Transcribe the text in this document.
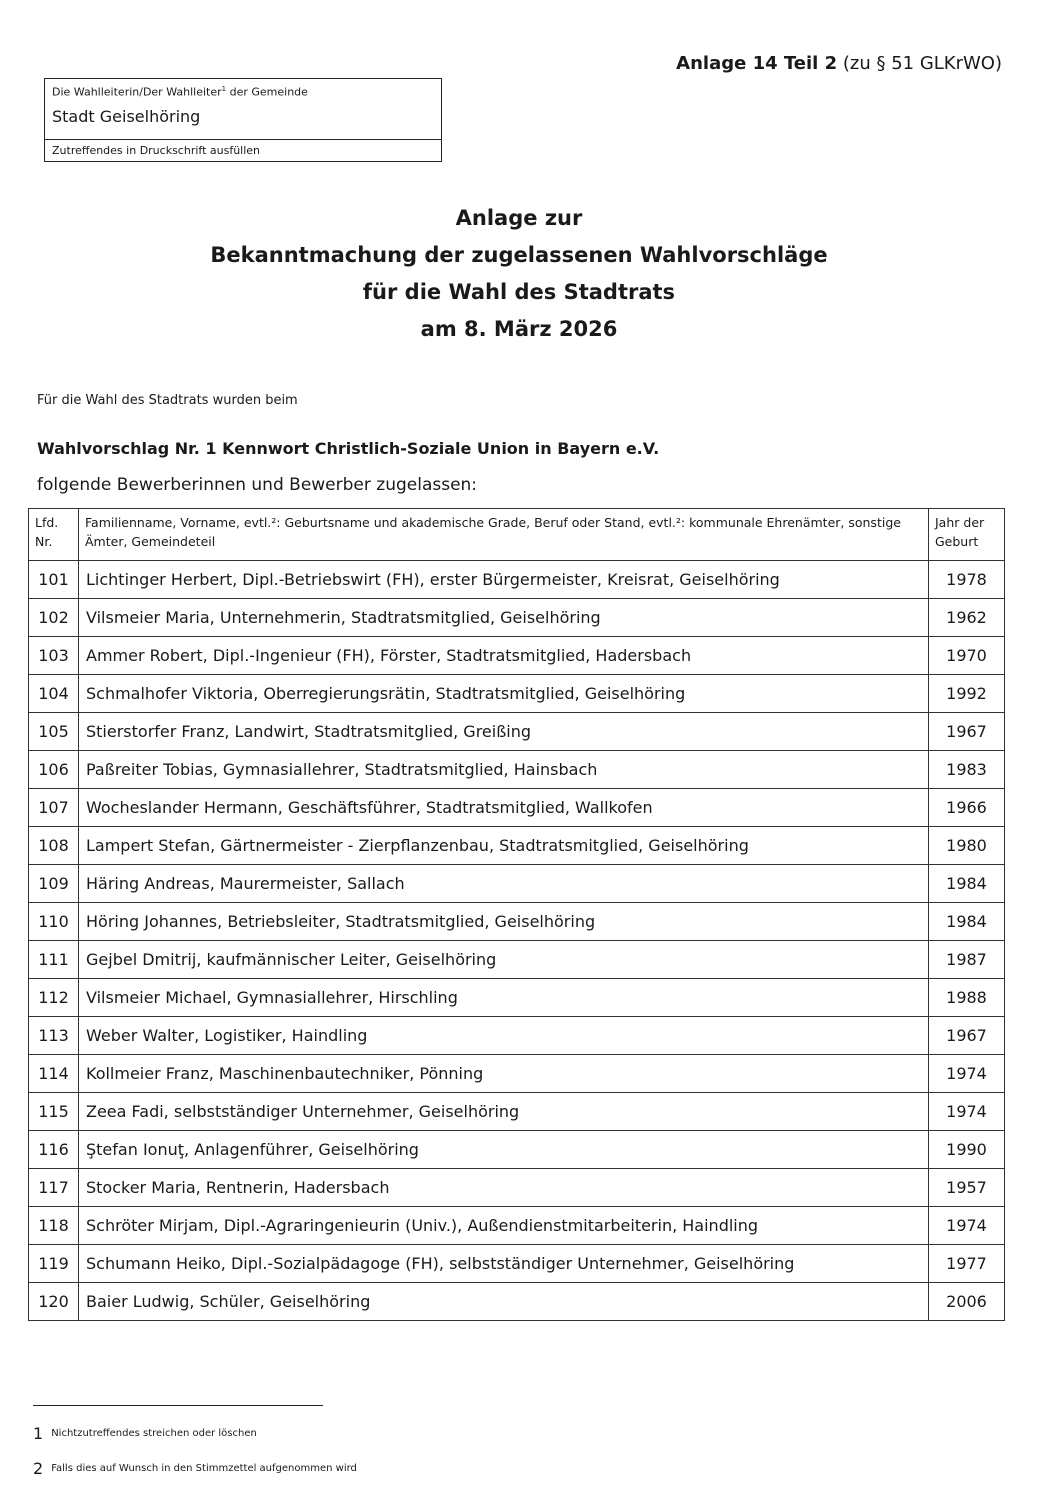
Anlage 14 Teil 2 (zu § 51 GLKrWO)
Die Wahlleiterin/Der Wahlleiter$^1$ der Gemeinde
Stadt Geiselhöring
Zutreffendes in Druckschrift ausfüllen
Anlage zur
Bekanntmachung der zugelassenen Wahlvorschläge
für die Wahl des Stadtrats
am 8. März 2026
Für die Wahl des Stadtrats wurden beim
Wahlvorschlag Nr. 1 Kennwort Christlich-Soziale Union in Bayern e.V.
folgende Bewerberinnen und Bewerber zugelassen:
Lfd. Nr.	Familienname, Vorname, evtl.²: Geburtsname und akademische Grade, Beruf oder Stand, evtl.²: kommunale Ehrenämter, sonstige Ämter, Gemeindeteil	Jahr der Geburt
101	Lichtinger Herbert, Dipl.-Betriebswirt (FH), erster Bürgermeister, Kreisrat, Geiselhöring	1978
102	Vilsmeier Maria, Unternehmerin, Stadtratsmitglied, Geiselhöring	1962
103	Ammer Robert, Dipl.-Ingenieur (FH), Förster, Stadtratsmitglied, Hadersbach	1970
104	Schmalhofer Viktoria, Oberregierungsrätin, Stadtratsmitglied, Geiselhöring	1992
105	Stierstorfer Franz, Landwirt, Stadtratsmitglied, Greißing	1967
106	Paßreiter Tobias, Gymnasiallehrer, Stadtratsmitglied, Hainsbach	1983
107	Wocheslander Hermann, Geschäftsführer, Stadtratsmitglied, Wallkofen	1966
108	Lampert Stefan, Gärtnermeister - Zierpflanzenbau, Stadtratsmitglied, Geiselhöring	1980
109	Häring Andreas, Maurermeister, Sallach	1984
110	Höring Johannes, Betriebsleiter, Stadtratsmitglied, Geiselhöring	1984
111	Gejbel Dmitrij, kaufmännischer Leiter, Geiselhöring	1987
112	Vilsmeier Michael, Gymnasiallehrer, Hirschling	1988
113	Weber Walter, Logistiker, Haindling	1967
114	Kollmeier Franz, Maschinenbautechniker, Pönning	1974
115	Zeea Fadi, selbstständiger Unternehmer, Geiselhöring	1974
116	Ştefan Ionuţ, Anlagenführer, Geiselhöring	1990
117	Stocker Maria, Rentnerin, Hadersbach	1957
118	Schröter Mirjam, Dipl.-Agraringenieurin (Univ.), Außendienstmitarbeiterin, Haindling	1974
119	Schumann Heiko, Dipl.-Sozialpädagoge (FH), selbstständiger Unternehmer, Geiselhöring	1977
120	Baier Ludwig, Schüler, Geiselhöring	2006
1 Nichtzutreffendes streichen oder löschen
2 Falls dies auf Wunsch in den Stimmzettel aufgenommen wird
